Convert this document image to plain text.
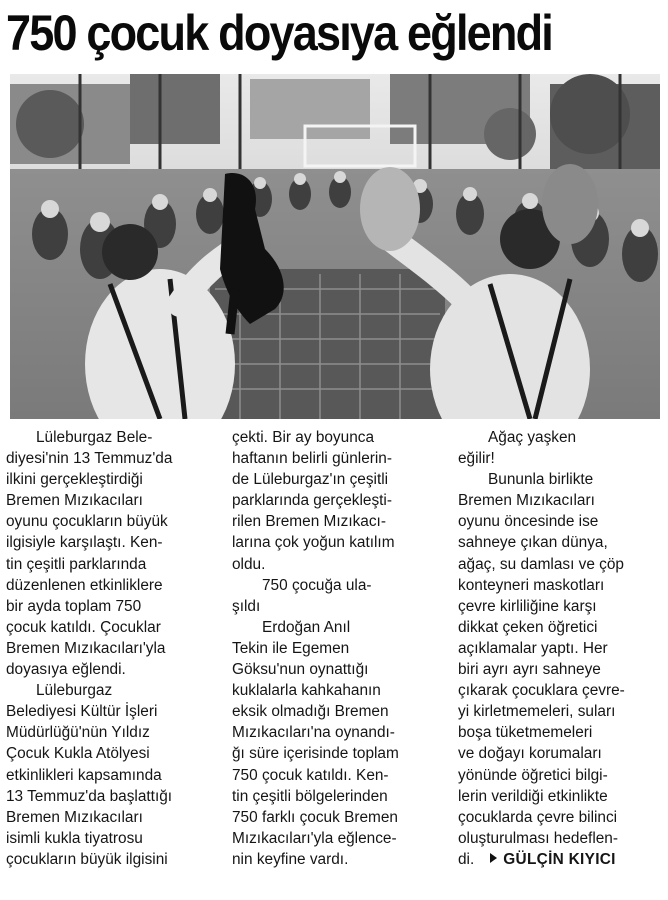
750 çocuk doyasıya eğlendi
Lüleburgaz Bele-
diyesi'nin 13 Temmuz'da
ilkini gerçekleştirdiği
Bremen Mızıkacıları
oyunu çocukların büyük
ilgisiyle karşılaştı. Ken-
tin çeşitli parklarında
düzenlenen etkinliklere
bir ayda toplam 750
çocuk katıldı. Çocuklar
Bremen Mızıkacıları'yla
doyasıya eğlendi.
Lüleburgaz
Belediyesi Kültür İşleri
Müdürlüğü'nün Yıldız
Çocuk Kukla Atölyesi
etkinlikleri kapsamında
13 Temmuz'da başlattığı
Bremen Mızıkacıları
isimli kukla tiyatrosu
çocukların büyük ilgisini
çekti. Bir ay boyunca
haftanın belirli günlerin-
de Lüleburgaz'ın çeşitli
parklarında gerçekleşti-
rilen Bremen Mızıkacı-
larına çok yoğun katılım
oldu.
750 çocuğa ula-
şıldı
Erdoğan Anıl
Tekin ile Egemen
Göksu'nun oynattığı
kuklalarla kahkahanın
eksik olmadığı Bremen
Mızıkacıları'na oynandı-
ğı süre içerisinde toplam
750 çocuk katıldı. Ken-
tin çeşitli bölgelerinden
750 farklı çocuk Bremen
Mızıkacıları'yla eğlence-
nin keyfine vardı.
Ağaç yaşken
eğilir!
Bununla birlikte
Bremen Mızıkacıları
oyunu öncesinde ise
sahneye çıkan dünya,
ağaç, su damlası ve çöp
konteyneri maskotları
çevre kirliliğine karşı
dikkat çeken öğretici
açıklamalar yaptı. Her
biri ayrı ayrı sahneye
çıkarak çocuklara çevre-
yi kirletmemeleri, suları
boşa tüketmemeleri
ve doğayı korumaları
yönünde öğretici bilgi-
lerin verildiği etkinlikte
çocuklarda çevre bilinci
oluşturulması hedeflen-
di. GÜLÇİN KIYICI
